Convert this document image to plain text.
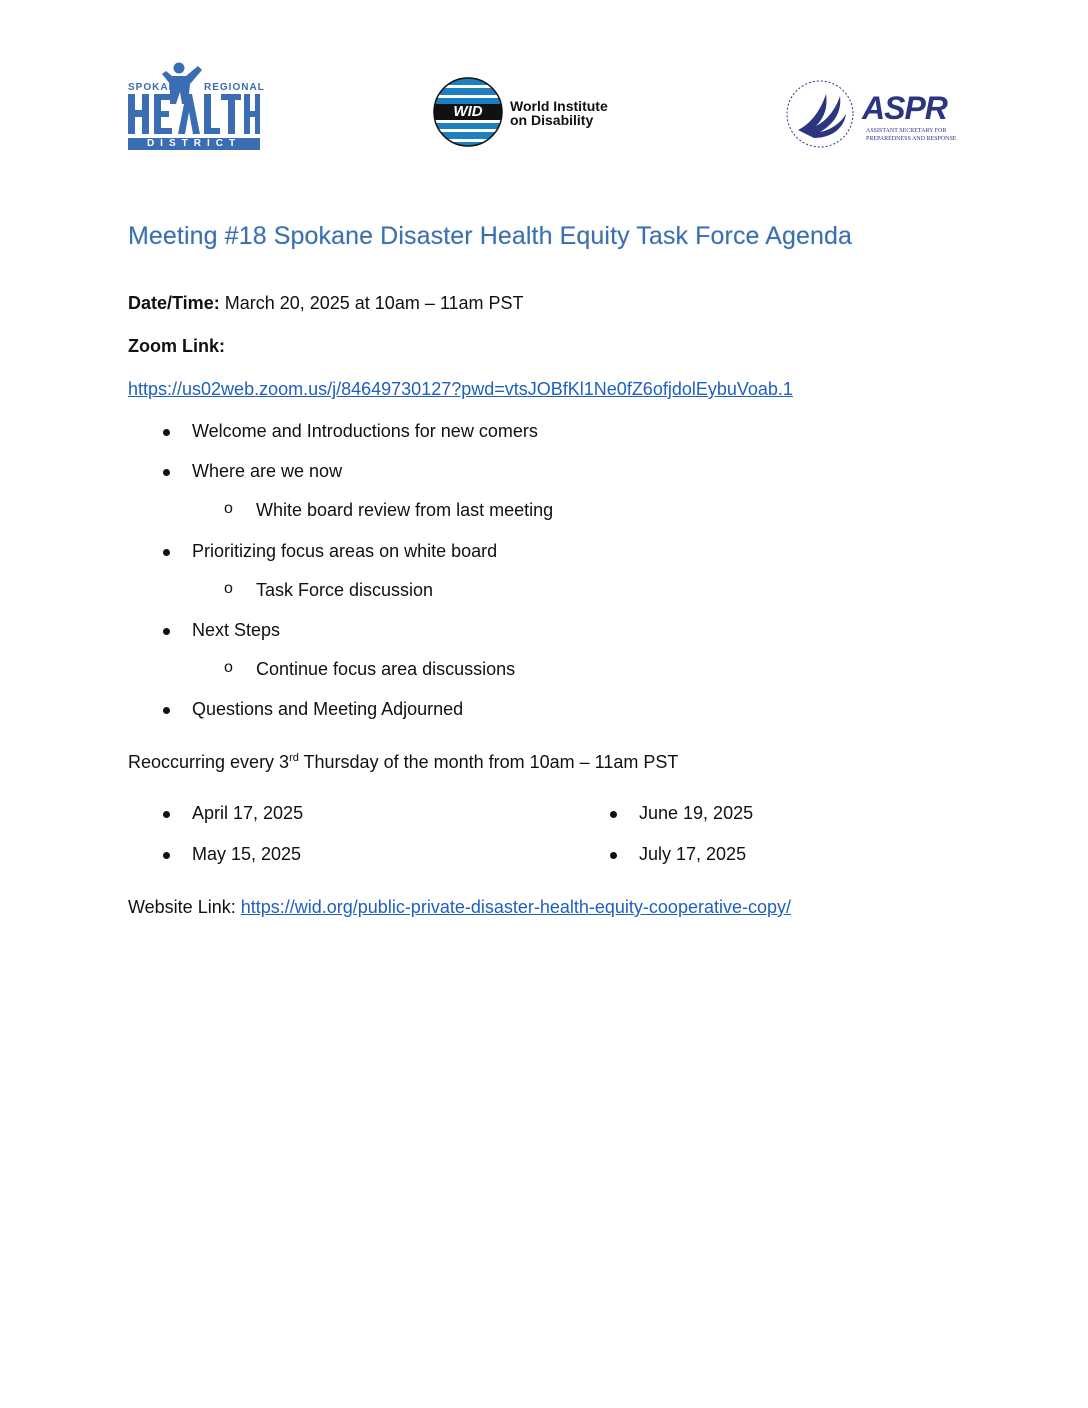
SPOKANE REGIONAL
DISTRICT
WID	World Institute
on Disability	ASPR
ASSISTANT SECRETARY FOR
PREPAREDNESS AND RESPONSE
Meeting #18 Spokane Disaster Health Equity Task Force Agenda

Date/Time: March 20, 2025 at 10am – 11am PST

Zoom Link:

https://us02web.zoom.us/j/84649730127?pwd=vtsJOBfKl1Ne0fZ6ofjdolEybuVoab.1

Welcome and Introductions for new comers
Where are we now
o	White board review from last meeting
Prioritizing focus areas on white board
o	Task Force discussion
Next Steps
o	Continue focus area discussions
Questions and Meeting Adjourned

Reoccurring every 3rd Thursday of the month from 10am – 11am PST

April 17, 2025
May 15, 2025
June 19, 2025
July 17, 2025

Website Link: https://wid.org/public-private-disaster-health-equity-cooperative-copy/
